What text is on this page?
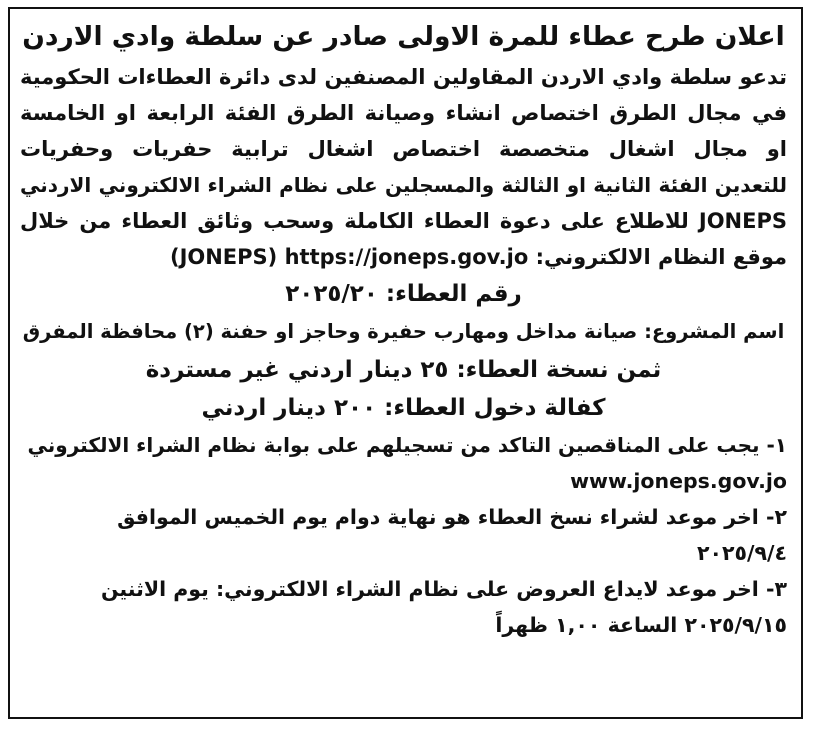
اعلان طرح عطاء للمرة الاولى صادر عن سلطة وادي الاردن
تدعو سلطة وادي الاردن المقاولين المصنفين لدى دائرة العطاءات الحكومية
في مجال الطرق اختصاص انشاء وصيانة الطرق الفئة الرابعة او الخامسة
او مجال اشغال متخصصة اختصاص اشغال ترابية حفريات وحفريات
للتعدين الفئة الثانية او الثالثة والمسجلين على نظام الشراء الالكتروني الاردني
JONEPS للاطلاع على دعوة العطاء الكاملة وسحب وثائق العطاء من خلال
موقع النظام الالكتروني: (JONEPS) https://joneps.gov.jo
رقم العطاء: ٢٠٢٥/٢٠
اسم المشروع: صيانة مداخل ومهارب حفيرة وحاجز او حفنة (٢) محافظة المفرق
ثمن نسخة العطاء: ٢٥ دينار اردني غير مستردة
كفالة دخول العطاء: ٢٠٠ دينار اردني
١- يجب على المناقصين التاكد من تسجيلهم على بوابة نظام الشراء الالكتروني
www.joneps.gov.jo
٢- اخر موعد لشراء نسخ العطاء هو نهاية دوام يوم الخميس الموافق
٢٠٢٥/٩/٤
٣- اخر موعد لايداع العروض على نظام الشراء الالكتروني: يوم الاثنين
٢٠٢٥/٩/١٥ الساعة ١,٠٠ ظهراً
